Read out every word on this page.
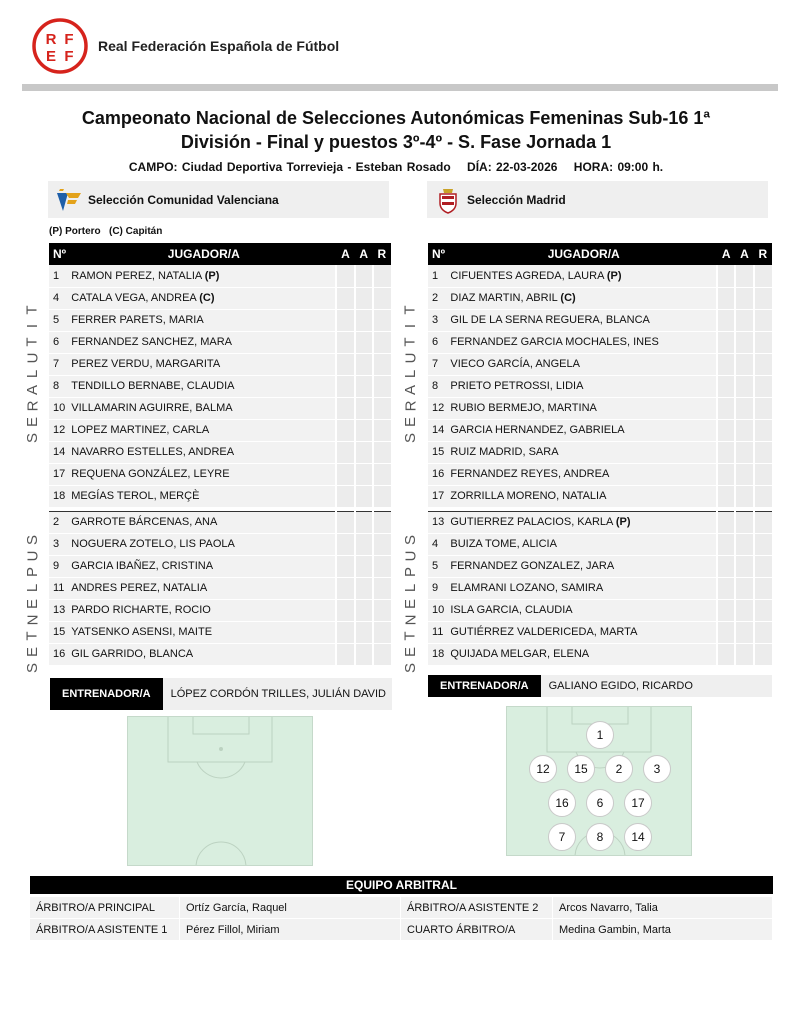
R F
E F
Real Federación Española de Fútbol
Campeonato Nacional de Selecciones Autonómicas Femeninas Sub-16 1ª
División - Final y puestos 3º-4º - S. Fase Jornada 1
CAMPO: Ciudad Deportiva Torrevieja - Esteban Rosado DÍA: 22-03-2026 HORA: 09:00 h.
Selección Comunidad Valenciana	Selección Madrid
(P) Portero   (C) Capitán
T
I
T
U
L
A
R
E
S
S
U
P
L
E
N
T
E
S
T
I
T
U
L
A
R
E
S
S
U
P
L
E
N
T
E
S
Nº	JUGADOR/A	A	A	R
1	RAMON PEREZ, NATALIA (P)			
4	CATALA VEGA, ANDREA (C)			
5	FERRER PARETS, MARIA			
6	FERNANDEZ SANCHEZ, MARA			
7	PEREZ VERDU, MARGARITA			
8	TENDILLO BERNABE, CLAUDIA			
10	VILLAMARIN AGUIRRE, BALMA			
12	LOPEZ MARTINEZ, CARLA			
14	NAVARRO ESTELLES, ANDREA			
17	REQUENA GONZÁLEZ, LEYRE			
18	MEGÍAS TEROL, MERÇÈ			

2	GARROTE BÁRCENAS, ANA			
3	NOGUERA ZOTELO, LIS PAOLA			
9	GARCIA IBAÑEZ, CRISTINA			
11	ANDRES PEREZ, NATALIA			
13	PARDO RICHARTE, ROCIO			
15	YATSENKO ASENSI, MAITE			
16	GIL GARRIDO, BLANCA			
Nº	JUGADOR/A	A	A	R
1	CIFUENTES AGREDA, LAURA (P)			
2	DIAZ MARTIN, ABRIL (C)			
3	GIL DE LA SERNA REGUERA, BLANCA			
6	FERNANDEZ GARCIA MOCHALES, INES			
7	VIECO GARCÍA, ANGELA			
8	PRIETO PETROSSI, LIDIA			
12	RUBIO BERMEJO, MARTINA			
14	GARCIA HERNANDEZ, GABRIELA			
15	RUIZ MADRID, SARA			
16	FERNANDEZ REYES, ANDREA			
17	ZORRILLA MORENO, NATALIA			

13	GUTIERREZ PALACIOS, KARLA (P)			
4	BUIZA TOME, ALICIA			
5	FERNANDEZ GONZALEZ, JARA			
9	ELAMRANI LOZANO, SAMIRA			
10	ISLA GARCIA, CLAUDIA			
11	GUTIÉRREZ VALDERICEDA, MARTA			
18	QUIJADA MELGAR, ELENA			
ENTRENADOR/A	LÓPEZ CORDÓN TRILLES, JULIÁN DAVID
ENTRENADOR/A	GALIANO EGIDO, RICARDO
1
12	15	2	3
16	6	17
7	8	14
EQUIPO ARBITRAL
ÁRBITRO/A PRINCIPAL	Ortíz García, Raquel	ÁRBITRO/A ASISTENTE 2	Arcos Navarro, Talia
ÁRBITRO/A ASISTENTE 1	Pérez Fillol, Miriam	CUARTO ÁRBITRO/A	Medina Gambin, Marta
